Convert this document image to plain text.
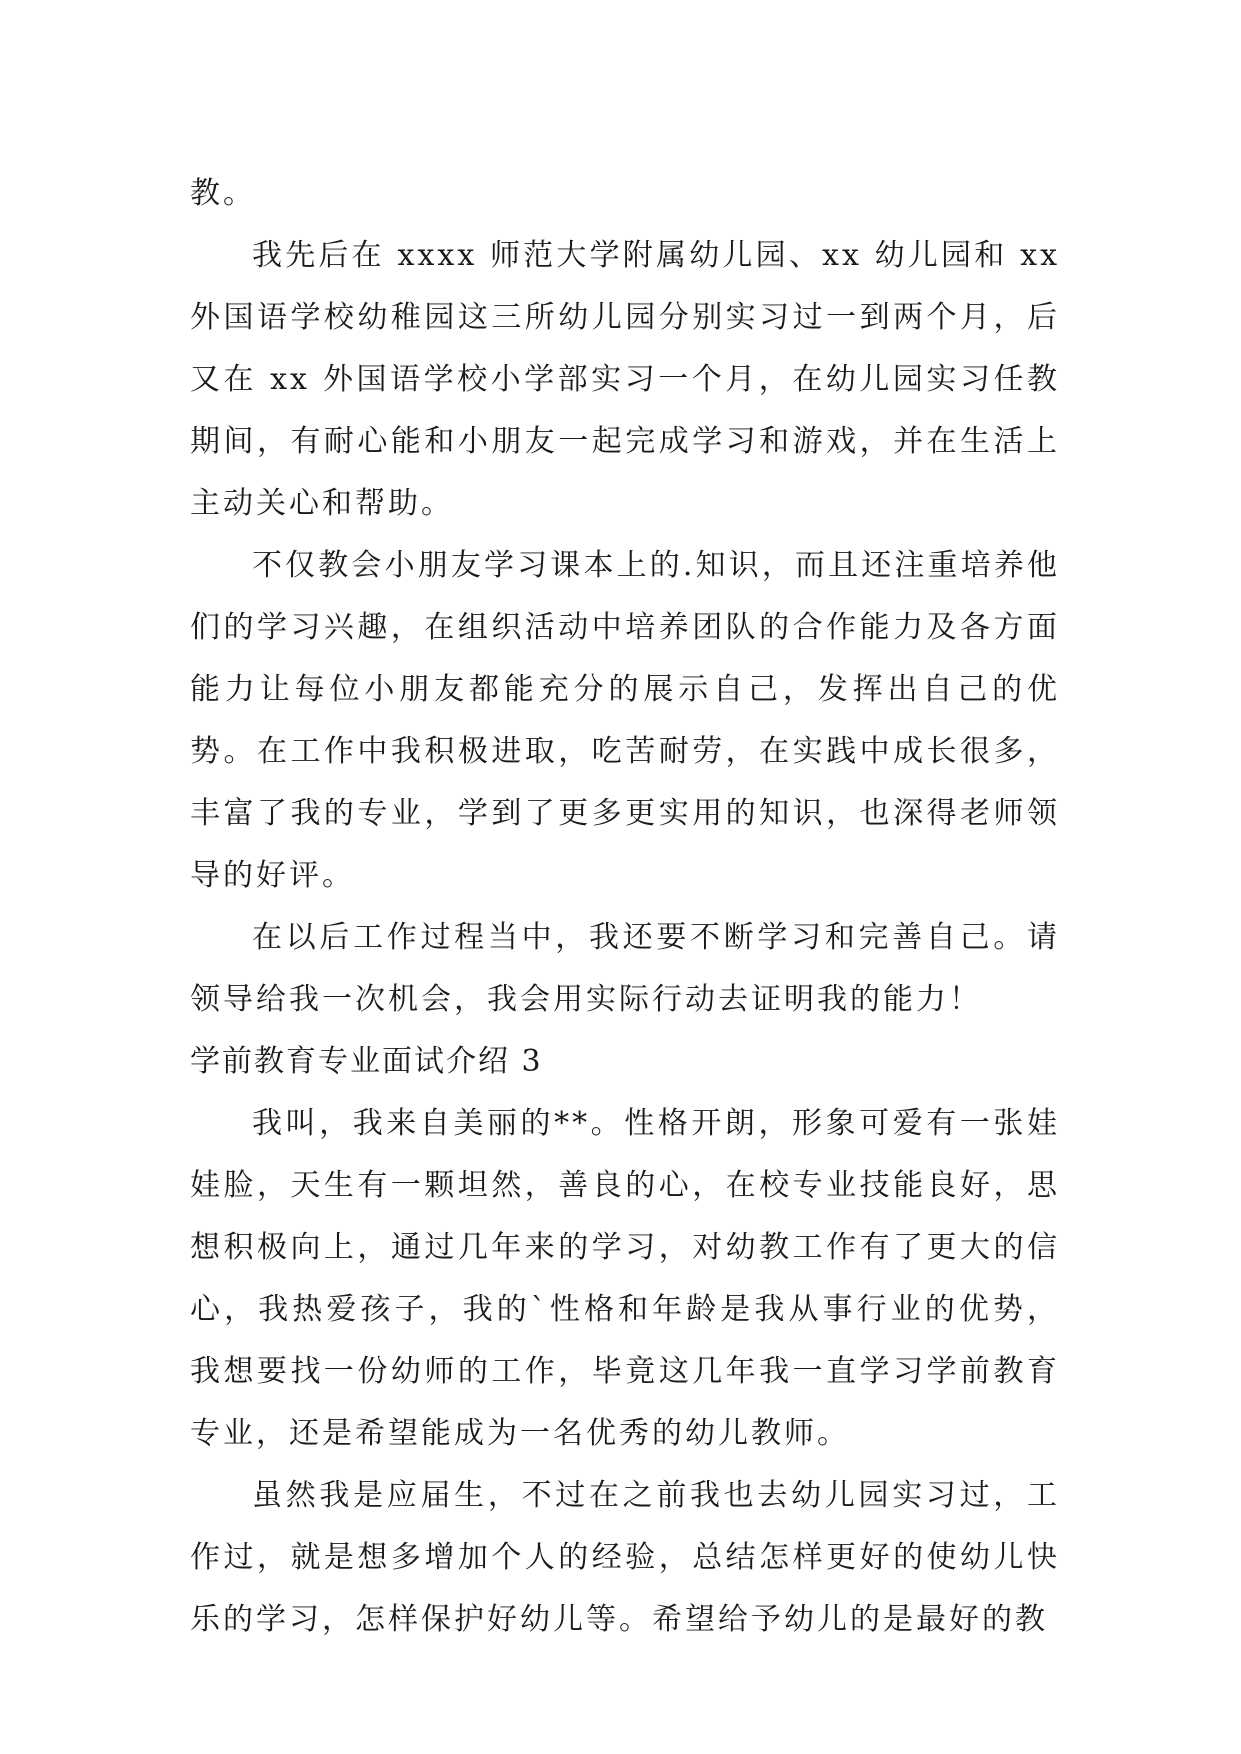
教。

我先后在 xxxx 师范大学附属幼儿园、xx 幼儿园和 xx 外国语学校幼稚园这三所幼儿园分别实习过一到两个月，后又在 xx 外国语学校小学部实习一个月，在幼儿园实习任教期间，有耐心能和小朋友一起完成学习和游戏，并在生活上主动关心和帮助。

不仅教会小朋友学习课本上的.知识，而且还注重培养他们的学习兴趣，在组织活动中培养团队的合作能力及各方面能力让每位小朋友都能充分的展示自己，发挥出自己的优势。在工作中我积极进取，吃苦耐劳，在实践中成长很多，丰富了我的专业，学到了更多更实用的知识，也深得老师领导的好评。

在以后工作过程当中，我还要不断学习和完善自己。请领导给我一次机会，我会用实际行动去证明我的能力！

学前教育专业面试介绍 3

我叫，我来自美丽的**。性格开朗，形象可爱有一张娃娃脸，天生有一颗坦然，善良的心，在校专业技能良好，思想积极向上，通过几年来的学习，对幼教工作有了更大的信心，我热爱孩子，我的`性格和年龄是我从事行业的优势，我想要找一份幼师的工作，毕竟这几年我一直学习学前教育专业，还是希望能成为一名优秀的幼儿教师。

虽然我是应届生，不过在之前我也去幼儿园实习过，工作过，就是想多增加个人的经验，总结怎样更好的使幼儿快乐的学习，怎样保护好幼儿等。希望给予幼儿的是最好的教
